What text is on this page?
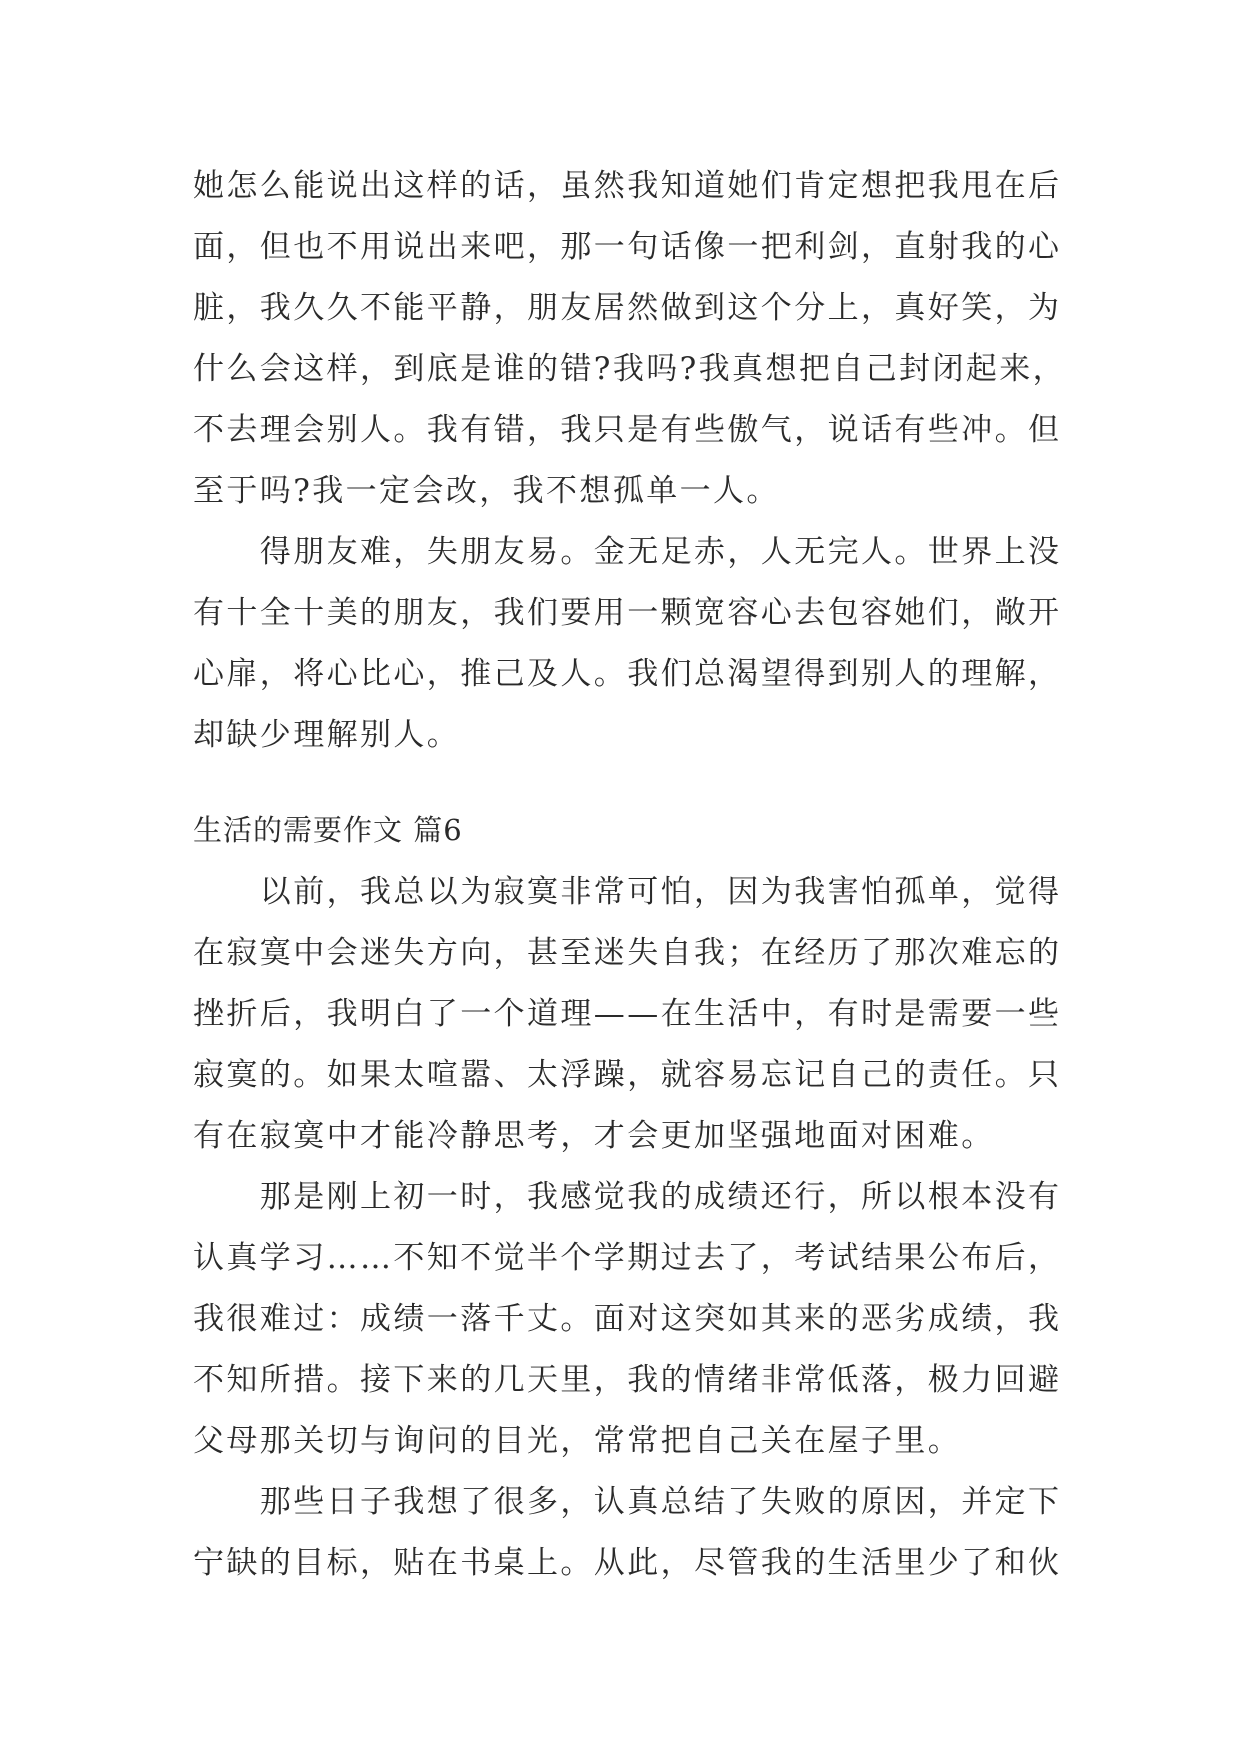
她怎么能说出这样的话，虽然我知道她们肯定想把我甩在后
面，但也不用说出来吧，那一句话像一把利剑，直射我的心
脏，我久久不能平静，朋友居然做到这个分上，真好笑，为
什么会这样，到底是谁的错?我吗?我真想把自己封闭起来，
不去理会别人。我有错，我只是有些傲气，说话有些冲。但
至于吗?我一定会改，我不想孤单一人。
　　得朋友难，失朋友易。金无足赤，人无完人。世界上没
有十全十美的朋友，我们要用一颗宽容心去包容她们，敞开
心扉，将心比心，推己及人。我们总渴望得到别人的理解，
却缺少理解别人。
生活的需要作文 篇6
　　以前，我总以为寂寞非常可怕，因为我害怕孤单，觉得
在寂寞中会迷失方向，甚至迷失自我；在经历了那次难忘的
挫折后，我明白了一个道理——在生活中，有时是需要一些
寂寞的。如果太喧嚣、太浮躁，就容易忘记自己的责任。只
有在寂寞中才能冷静思考，才会更加坚强地面对困难。
　　那是刚上初一时，我感觉我的成绩还行，所以根本没有
认真学习……不知不觉半个学期过去了，考试结果公布后，
我很难过：成绩一落千丈。面对这突如其来的恶劣成绩，我
不知所措。接下来的几天里，我的情绪非常低落，极力回避
父母那关切与询问的目光，常常把自己关在屋子里。
　　那些日子我想了很多，认真总结了失败的原因，并定下
宁缺的目标，贴在书桌上。从此，尽管我的生活里少了和伙
